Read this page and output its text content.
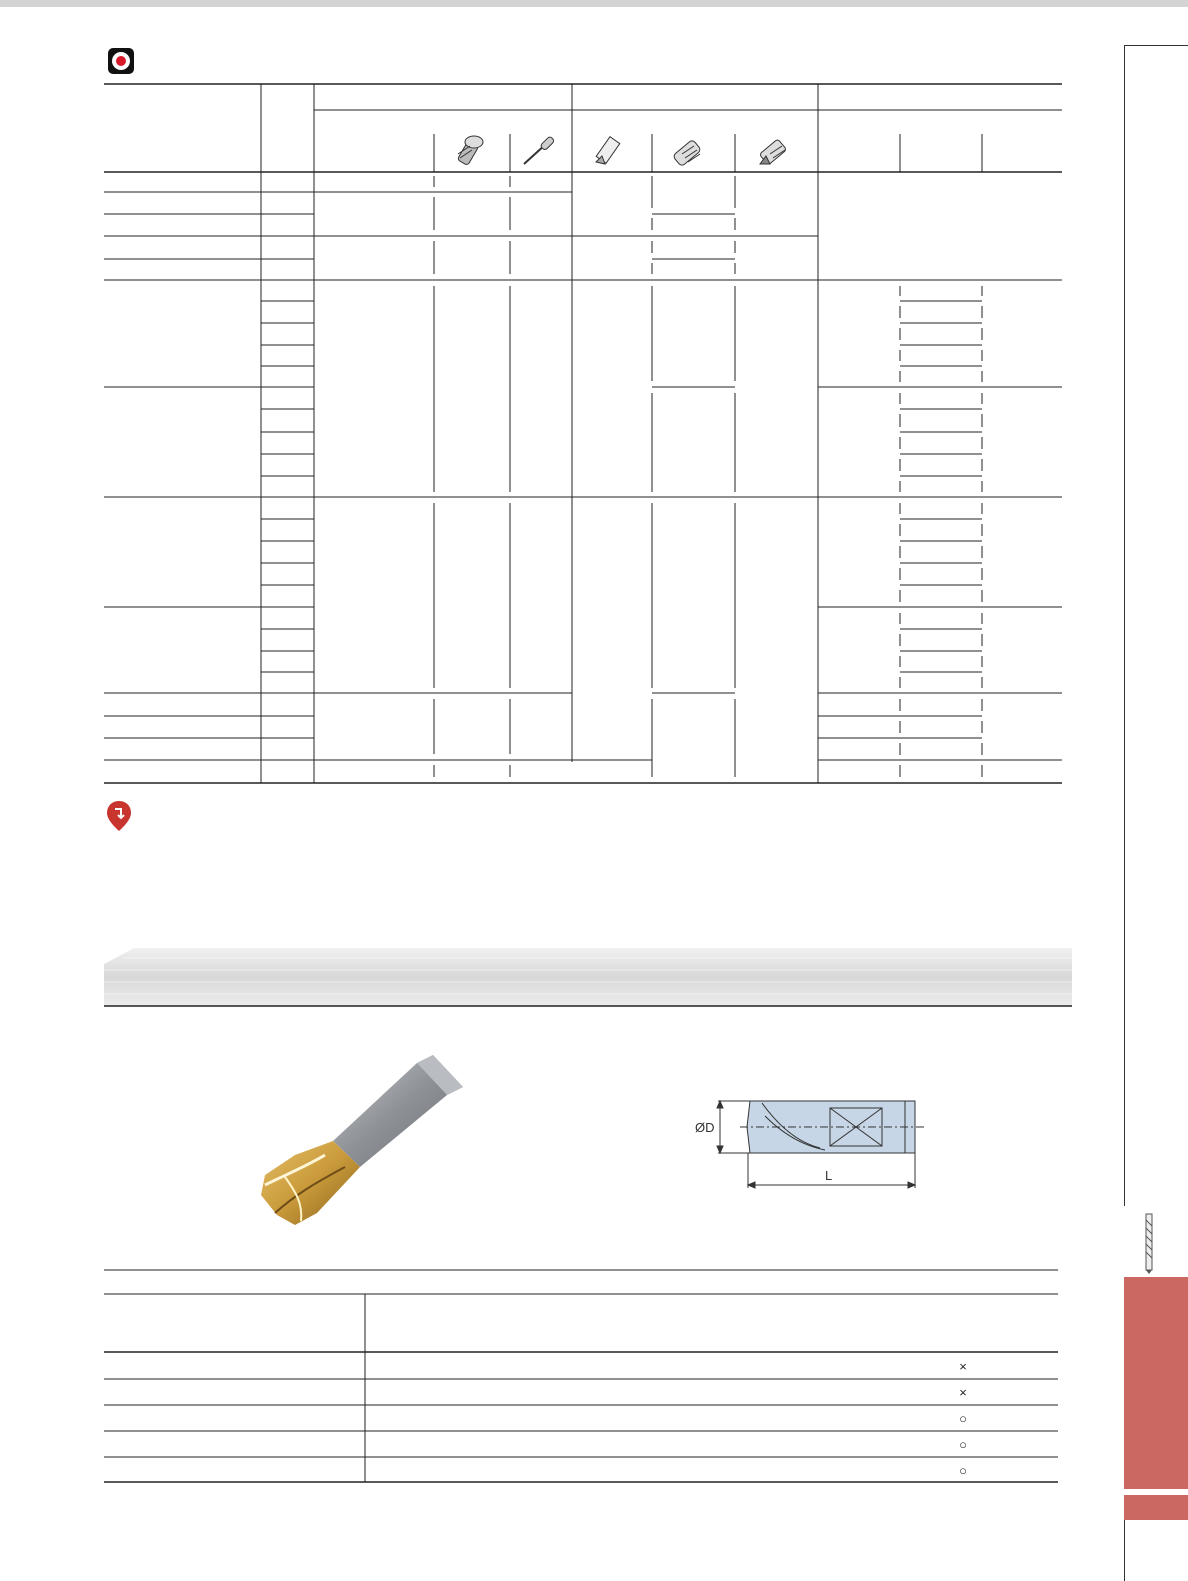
ØD
L
×
×
○
○
○
